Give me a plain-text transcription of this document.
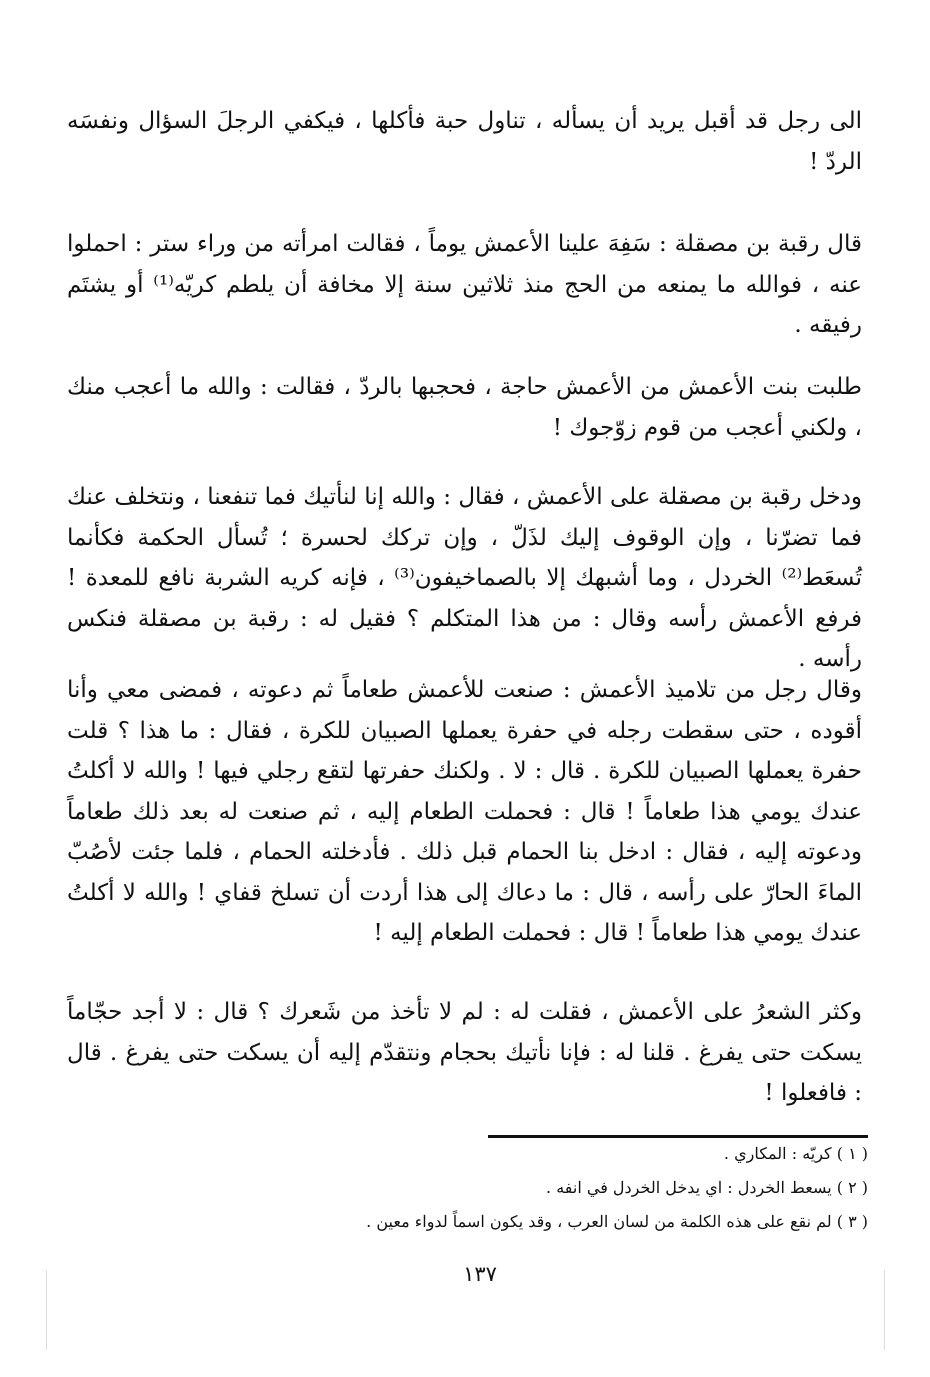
الى رجل قد أقبل يريد أن يسأله ، تناول حبة فأكلها ، فيكفي الرجلَ السؤال ونفسَه الردّ !

قال رقبة بن مصقلة : سَفِهَ علينا الأعمش يوماً ، فقالت امرأته من وراء ستر : احملوا عنه ، فوالله ما يمنعه من الحج منذ ثلاثين سنة إلا مخافة أن يلطم كريّه⁽¹⁾ أو يشتَم رفيقه .

طلبت بنت الأعمش من الأعمش حاجة ، فحجبها بالردّ ، فقالت : والله ما أعجب منك ، ولكني أعجب من قوم زوّجوك !

ودخل رقبة بن مصقلة على الأعمش ، فقال : والله إنا لنأتيك فما تنفعنا ، ونتخلف عنك فما تضرّنا ، وإن الوقوف إليك لذَلّ ، وإن تركك لحسرة ؛ تُسأل الحكمة فكأنما تُسعَط⁽²⁾ الخردل ، وما أشبهك إلا بالصماخيفون⁽³⁾ ، فإنه كريه الشربة نافع للمعدة ! فرفع الأعمش رأسه وقال : من هذا المتكلم ؟ فقيل له : رقبة بن مصقلة فنكس رأسه .

وقال رجل من تلاميذ الأعمش : صنعت للأعمش طعاماً ثم دعوته ، فمضى معي وأنا أقوده ، حتى سقطت رجله في حفرة يعملها الصبيان للكرة ، فقال : ما هذا ؟ قلت حفرة يعملها الصبيان للكرة . قال : لا . ولكنك حفرتها لتقع رجلي فيها ! والله لا أكلتُ عندك يومي هذا طعاماً ! قال : فحملت الطعام إليه ، ثم صنعت له بعد ذلك طعاماً ودعوته إليه ، فقال : ادخل بنا الحمام قبل ذلك . فأدخلته الحمام ، فلما جئت لأصُبّ الماءَ الحارّ على رأسه ، قال : ما دعاك إلى هذا أردت أن تسلخ قفاي ! والله لا أكلتُ عندك يومي هذا طعاماً ! قال : فحملت الطعام إليه !

وكثر الشعرُ على الأعمش ، فقلت له : لم لا تأخذ من شَعرك ؟ قال : لا أجد حجّاماً يسكت حتى يفرغ . قلنا له : فإنا نأتيك بحجام ونتقدّم إليه أن يسكت حتى يفرغ . قال : فافعلوا !

( ١ ) كريّه : المكاري .
( ٢ ) يسعط الخردل : اي يدخل الخردل في انفه .
( ٣ ) لم نقع على هذه الكلمة من لسان العرب ، وقد يكون اسماً لدواء معين .
١٣٧
